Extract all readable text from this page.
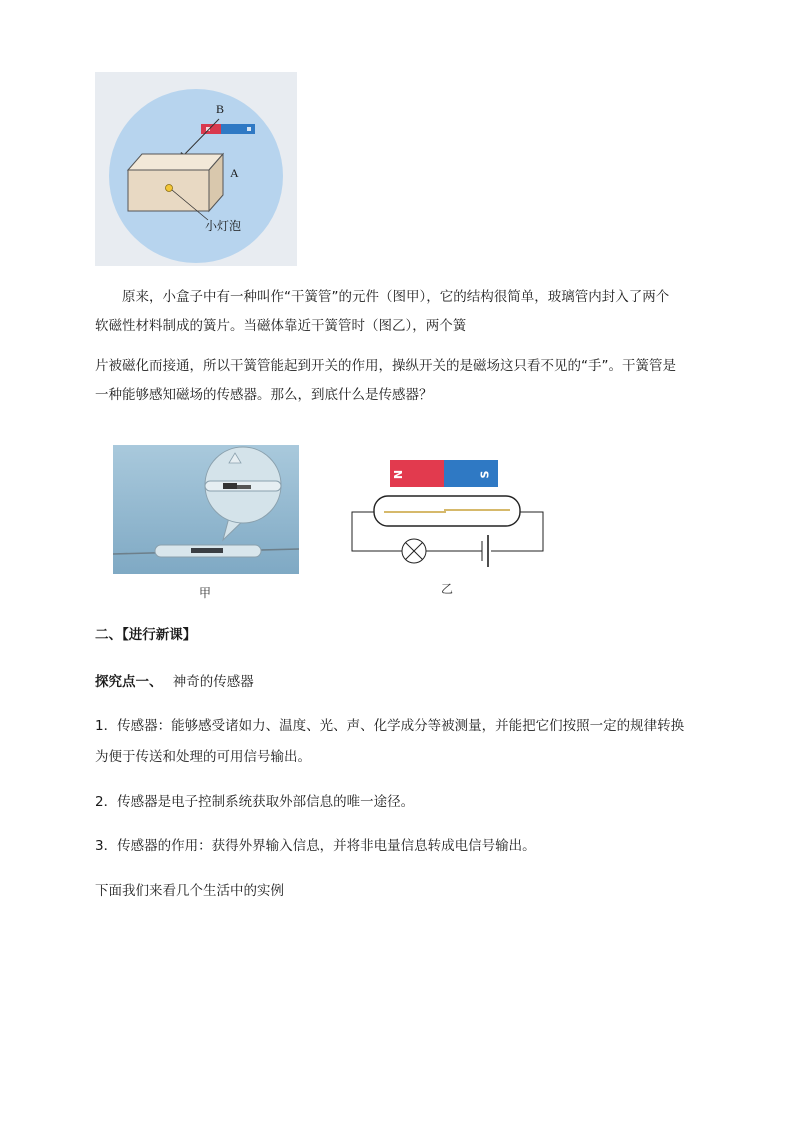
B
A
小灯泡
原来，小盒子中有一种叫作“干簧管”的元件（图甲），它的结构很简单，玻璃管内封入了两个
软磁性材料制成的簧片。当磁体靠近干簧管时（图乙），两个簧
片被磁化而接通，所以干簧管能起到开关的作用，操纵开关的是磁场这只看不见的“手”。干簧管是
一种能够感知磁场的传感器。那么，到底什么是传感器？
甲
N	S
乙
二、【进行新课】
探究点一、 神奇的传感器
1．传感器：能够感受诸如力、温度、光、声、化学成分等被测量，并能把它们按照一定的规律转换
为便于传送和处理的可用信号输出。
2．传感器是电子控制系统获取外部信息的唯一途径。
3．传感器的作用：获得外界输入信息，并将非电量信息转成电信号输出。
下面我们来看几个生活中的实例
